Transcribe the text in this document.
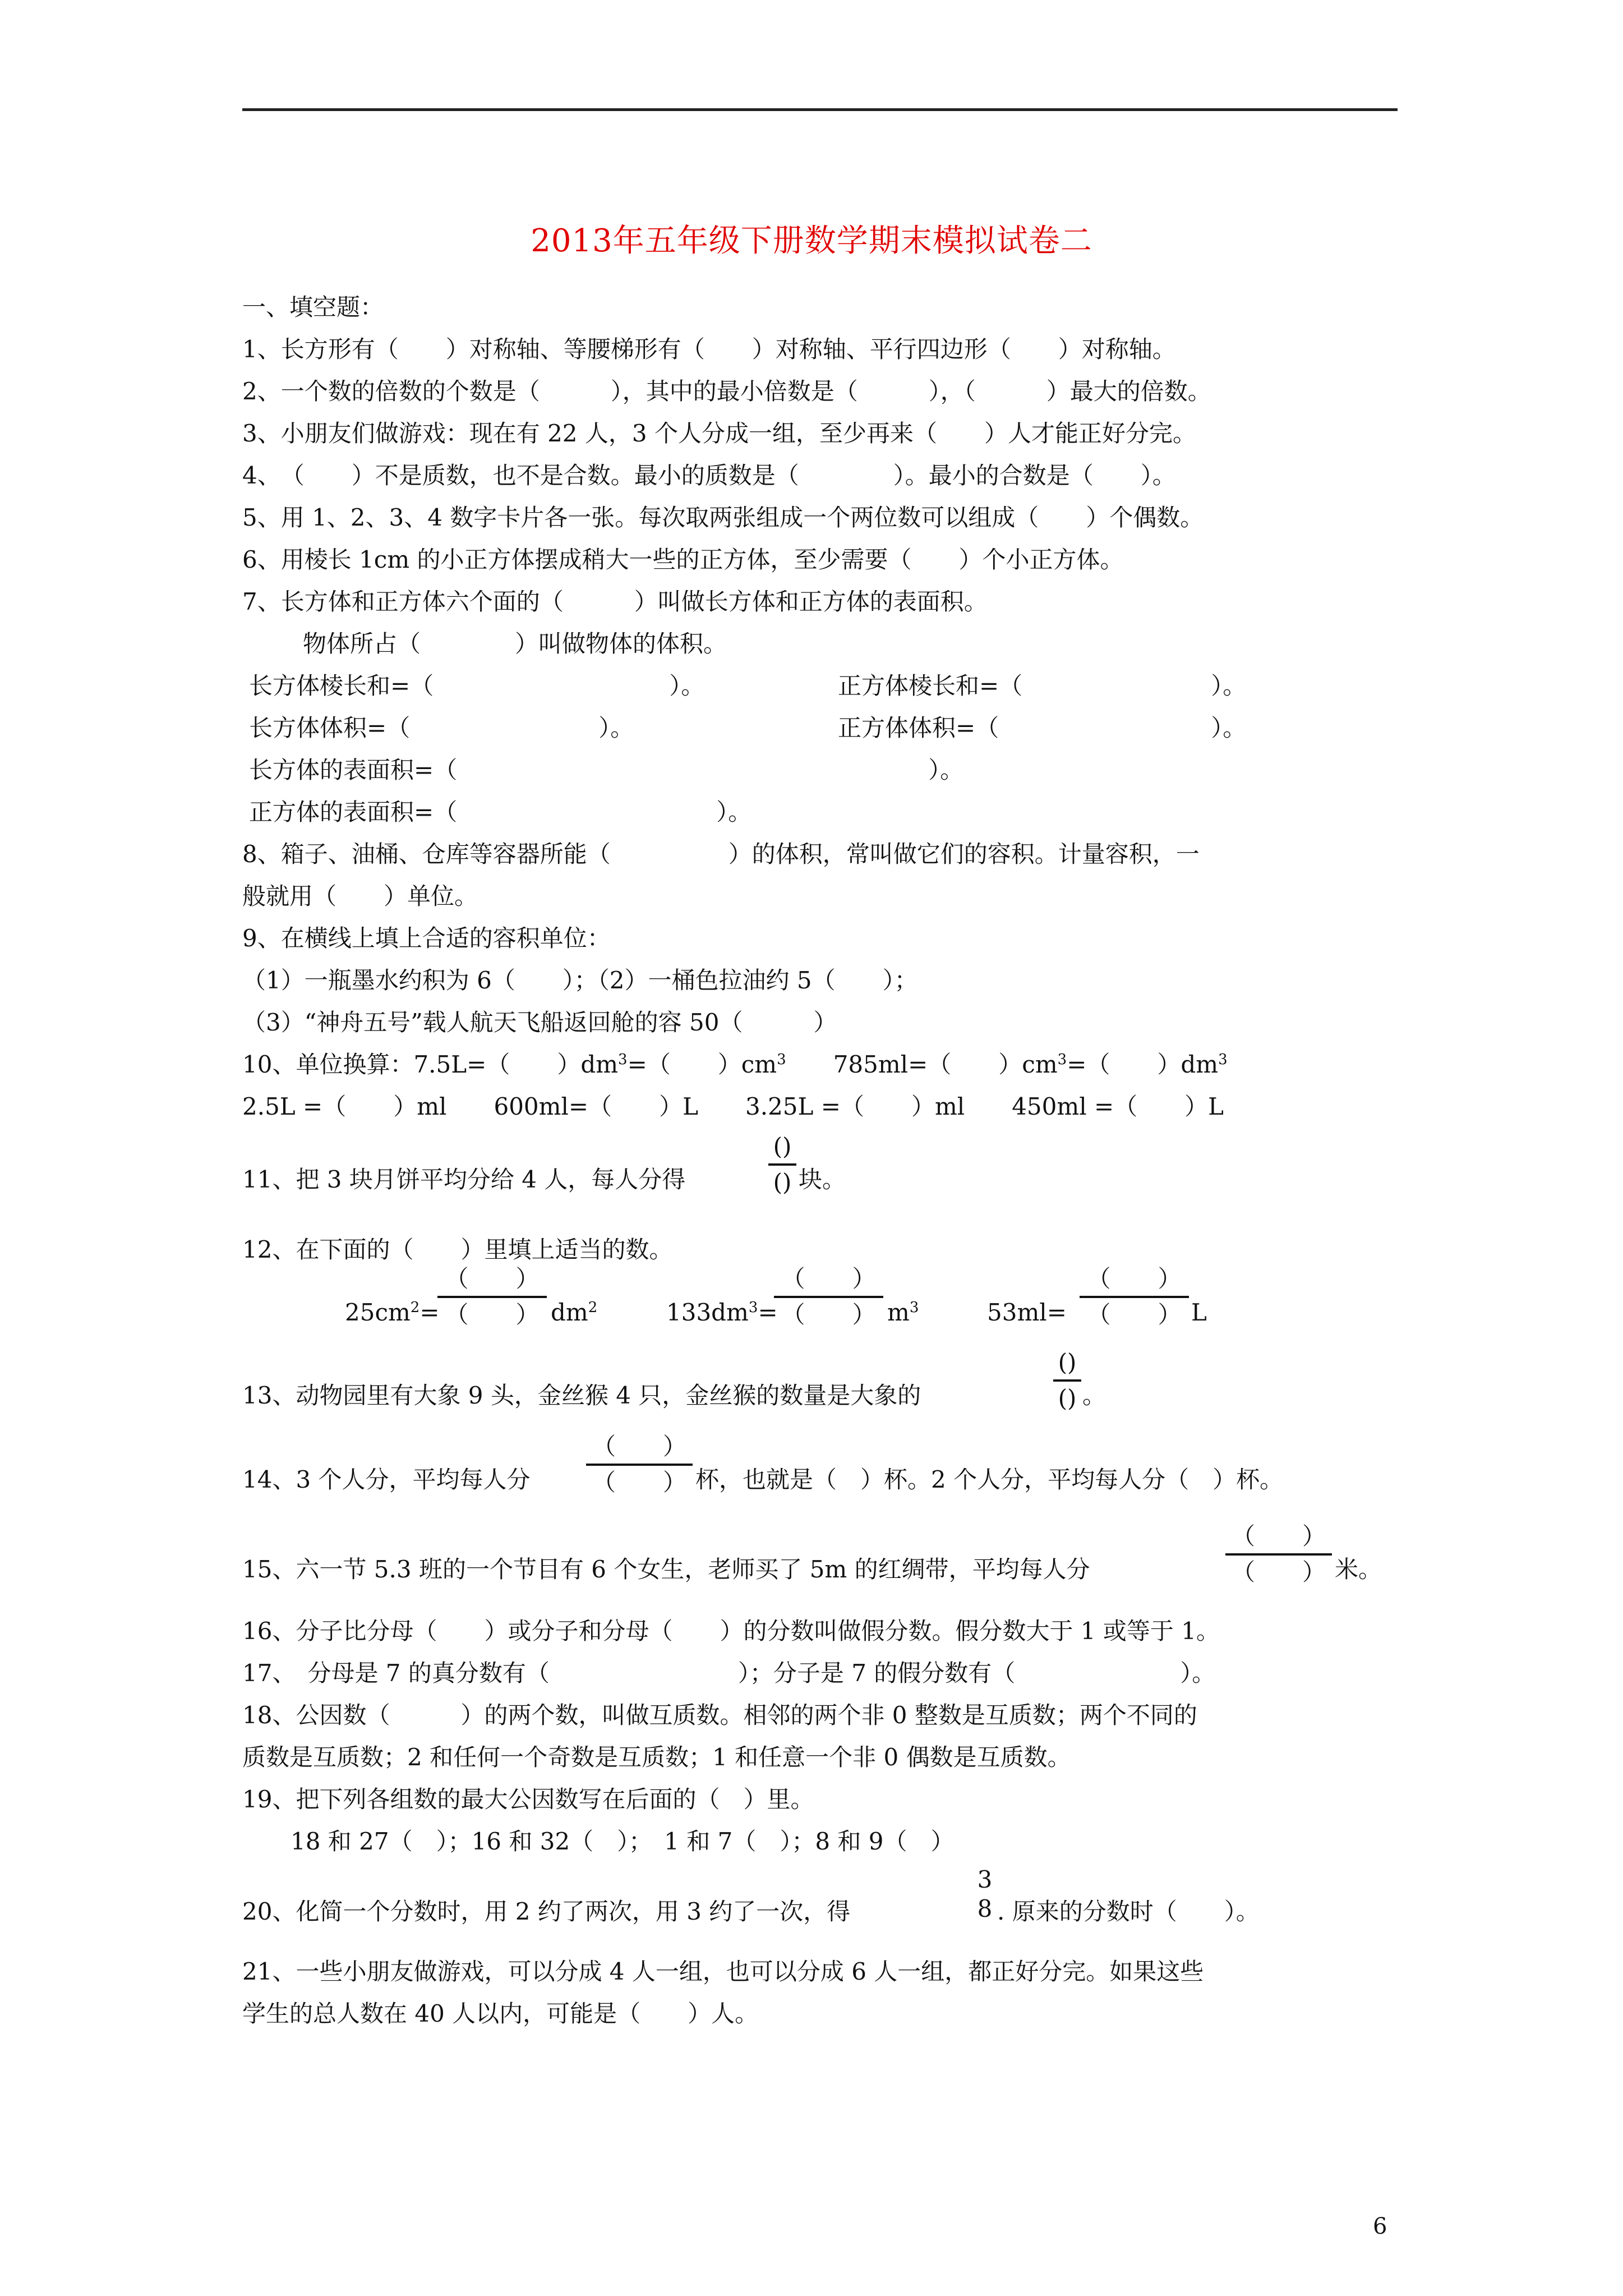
2013年五年级下册数学期末模拟试卷二
一、填空题：
1、长方形有（　　）对称轴、等腰梯形有（　　）对称轴、平行四边形（　　）对称轴。
2、一个数的倍数的个数是（　　　），其中的最小倍数是（　　　），（　　　）最大的倍数。
3、小朋友们做游戏：现在有 22 人，3 个人分成一组，至少再来（　　）人才能正好分完。
4、　（　　）不是质数，也不是合数。最小的质数是（　　　　）。最小的合数是（　　）。
5、用 1、2、3、4 数字卡片各一张。每次取两张组成一个两位数可以组成（　　）个偶数。
6、用棱长 1cm 的小正方体摆成稍大一些的正方体，至少需要（　　）个小正方体。
7、长方体和正方体六个面的（　　　）叫做长方体和正方体的表面积。
物体所占（　　　　）叫做物体的体积。
长方体棱长和=（　　　　　　　　　　）。	正方体棱长和=（　　　　　　　　）。
长方体体积=（　　　　　　　　）。	正方体体积=（　　　　　　　　　）。
长方体的表面积=（　　　　　　　　　　　　　　　　　　　　）。
正方体的表面积=（　　　　　　　　　　　）。
8、箱子、油桶、仓库等容器所能（　　　　　）的体积，常叫做它们的容积。计量容积，一
般就用（　　）单位。
9、在横线上填上合适的容积单位：
（1）一瓶墨水约积为 6（　　）；（2）一桶色拉油约 5（　　）；
（3）“神舟五号”载人航天飞船返回舱的容 50（　　　）
10、单位换算：7.5L=（　　）$dm^3=$（　　）$cm^3$　　785ml=（　　）$cm^3=$（　　）$dm^3$
2.5L =（　　）ml　　600ml=（　　）L　　3.25L =（　　）ml　　450ml =（　　）L
11、把 3 块月饼平均分给 4 人，每人分得
()
() 块。
12、在下面的（　　）里填上适当的数。
$25cm^2=$
（　　）
（　　） $dm^2$	$133dm^3=$
（　　）
（　　） $m^3$	53ml=
（　　）
（　　） L
13、动物园里有大象 9 头，金丝猴 4 只，金丝猴的数量是大象的
()
() 。
14、3 个人分，平均每人分
（　　）
（　　） 杯，也就是（　）杯。2 个人分，平均每人分（　）杯。
15、六一节 5.3 班的一个节目有 6 个女生，老师买了 5m 的红绸带，平均每人分
（　　）
（　　） 米。
16、分子比分母（　　）或分子和分母（　　）的分数叫做假分数。假分数大于 1 或等于 1。
17、　分母是 7 的真分数有（　　　　　　　　）；分子是 7 的假分数有（　　　　　　　）。
18、公因数（　　　）的两个数，叫做互质数。相邻的两个非 0 整数是互质数；两个不同的
质数是互质数；2 和任何一个奇数是互质数；1 和任意一个非 0 偶数是互质数。
19、把下列各组数的最大公因数写在后面的（　）里。
18 和 27（　）；16 和 32（　）；　1 和 7（　）；8 和 9（　）
20、化简一个分数时，用 2 约了两次，用 3 约了一次，得
3
8 . 原来的分数时（　　）。
21、一些小朋友做游戏，可以分成 4 人一组，也可以分成 6 人一组，都正好分完。如果这些
学生的总人数在 40 人以内，可能是（　　）人。
6
